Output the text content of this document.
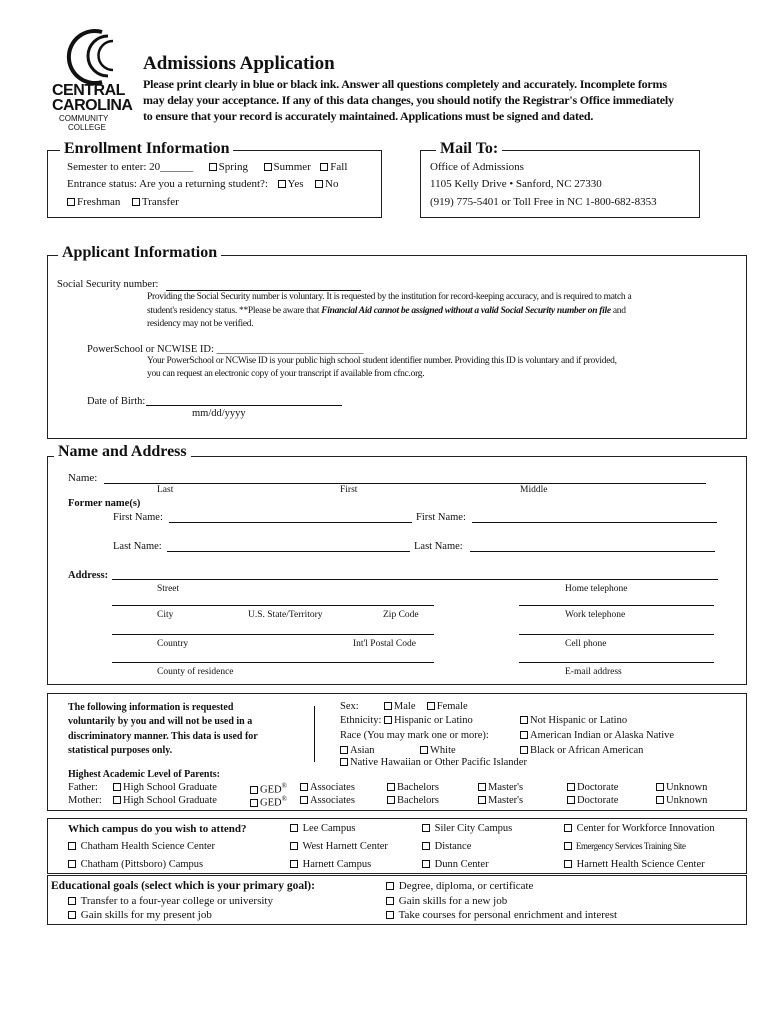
CENTRAL
CAROLINA
COMMUNITY
COLLEGE
Admissions Application
Please print clearly in blue or black ink. Answer all questions completely and accurately. Incomplete forms
may delay your acceptance. If any of this data changes, you should notify the Registrar's Office immediately
to ensure that your record is accurately maintained. Applications must be signed and dated.
Enrollment Information
Semester to enter: 20______ Spring Summer Fall
Entrance status: Are you a returning student?: Yes No
Freshman Transfer
Mail To:
Office of Admissions
1105 Kelly Drive • Sanford, NC 27330
(919) 775-5401 or Toll Free in NC 1-800-682-8353
Applicant Information
Social Security number:
Providing the Social Security number is voluntary. It is requested by the institution for record-keeping accuracy, and is required to match a
student's residency status. **Please be aware that Financial Aid cannot be assigned without a valid Social Security number on file and
residency may not be verified.
PowerSchool or NCWISE ID: ____________________________
Your PowerSchool or NCWise ID is your public high school student identifier number. Providing this ID is voluntary and if provided,
you can request an electronic copy of your transcript if available from cfnc.org.
Date of Birth:
mm/dd/yyyy
Name and Address
Name:
Last	First	Middle
Former name(s)
First Name:	First Name:
Last Name:	Last Name:
Address:
Street	Home telephone
City	U.S. State/Territory	Zip Code	Work telephone
Country	Int'l Postal Code	Cell phone
County of residence	E-mail address
The following information is requested
voluntarily by you and will not be used in a
discriminatory manner. This data is used for
statistical purposes only.
Sex:	Male Female
Ethnicity: Hispanic or Latino	Not Hispanic or Latino
Race (You may mark one or more):	American Indian or Alaska Native
Asian	White	Black or African American
Native Hawaiian or Other Pacific Islander
Highest Academic Level of Parents:
Father:	High School Graduate	GED®	Associates	Bachelors	Master's	Doctorate	Unknown
Mother:	High School Graduate	GED®	Associates	Bachelors	Master's	Doctorate	Unknown
Which campus do you wish to attend?	Lee Campus	Siler City Campus	Center for Workforce Innovation
Chatham Health Science Center	West Harnett Center	Distance	Emergency Services Training Site
Chatham (Pittsboro) Campus	Harnett Campus	Dunn Center	Harnett Health Science Center
Educational goals (select which is your primary goal):
Transfer to a four-year college or university
Gain skills for my present job
Degree, diploma, or certificate
Gain skills for a new job
Take courses for personal enrichment and interest
